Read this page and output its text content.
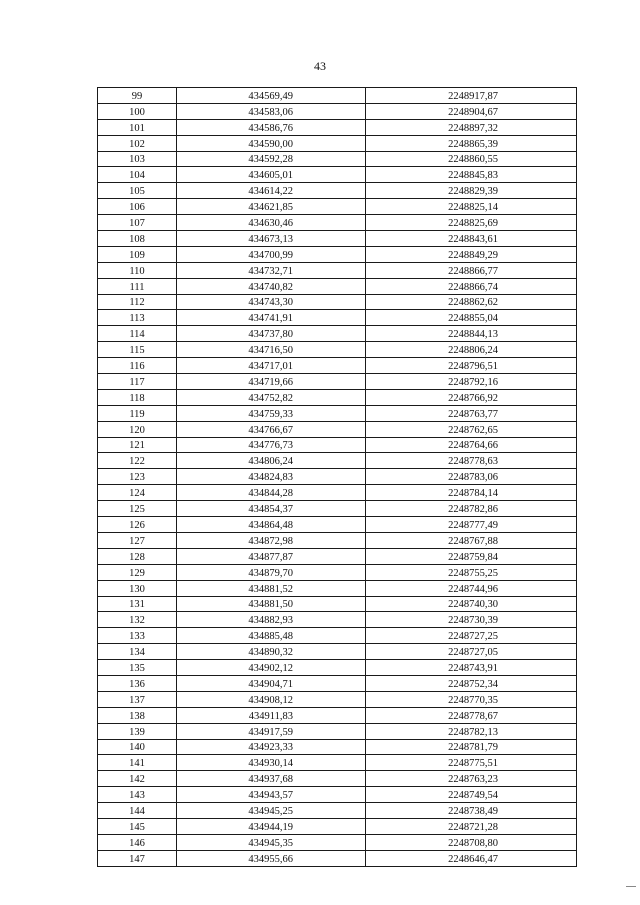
43
99	434569,49	2248917,87
100	434583,06	2248904,67
101	434586,76	2248897,32
102	434590,00	2248865,39
103	434592,28	2248860,55
104	434605,01	2248845,83
105	434614,22	2248829,39
106	434621,85	2248825,14
107	434630,46	2248825,69
108	434673,13	2248843,61
109	434700,99	2248849,29
110	434732,71	2248866,77
111	434740,82	2248866,74
112	434743,30	2248862,62
113	434741,91	2248855,04
114	434737,80	2248844,13
115	434716,50	2248806,24
116	434717,01	2248796,51
117	434719,66	2248792,16
118	434752,82	2248766,92
119	434759,33	2248763,77
120	434766,67	2248762,65
121	434776,73	2248764,66
122	434806,24	2248778,63
123	434824,83	2248783,06
124	434844,28	2248784,14
125	434854,37	2248782,86
126	434864,48	2248777,49
127	434872,98	2248767,88
128	434877,87	2248759,84
129	434879,70	2248755,25
130	434881,52	2248744,96
131	434881,50	2248740,30
132	434882,93	2248730,39
133	434885,48	2248727,25
134	434890,32	2248727,05
135	434902,12	2248743,91
136	434904,71	2248752,34
137	434908,12	2248770,35
138	434911,83	2248778,67
139	434917,59	2248782,13
140	434923,33	2248781,79
141	434930,14	2248775,51
142	434937,68	2248763,23
143	434943,57	2248749,54
144	434945,25	2248738,49
145	434944,19	2248721,28
146	434945,35	2248708,80
147	434955,66	2248646,47
